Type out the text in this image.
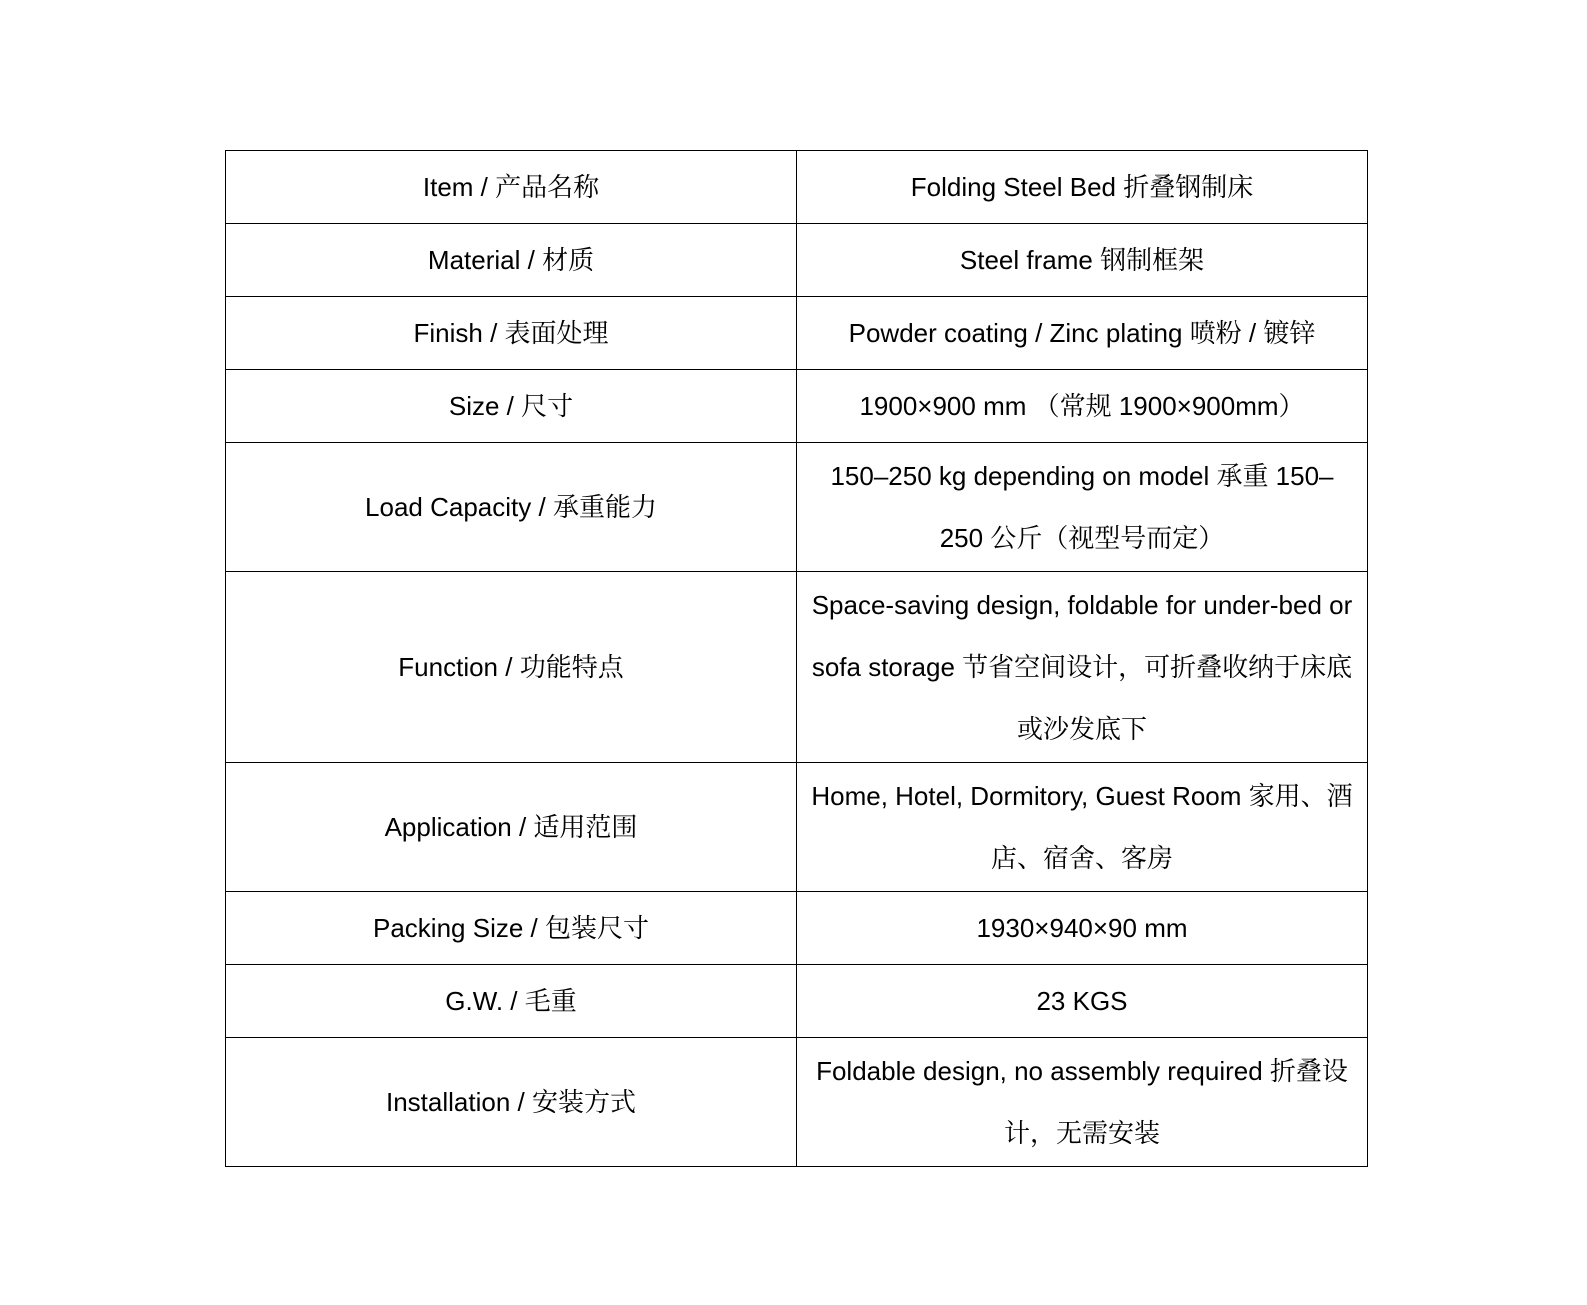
Item / 产品名称	Folding Steel Bed 折叠钢制床
Material / 材质	Steel frame 钢制框架
Finish / 表面处理	Powder coating / Zinc plating 喷粉 / 镀锌
Size / 尺寸	1900×900 mm （常规 1900×900mm）
Load Capacity / 承重能力	150–250 kg depending on model 承重 150–250 公斤（视型号而定）
Function / 功能特点	Space-saving design, foldable for under-bed or sofa storage 节省空间设计，可折叠收纳于床底或沙发底下
Application / 适用范围	Home, Hotel, Dormitory, Guest Room 家用、酒店、宿舍、客房
Packing Size / 包装尺寸	1930×940×90 mm
G.W. / 毛重	23 KGS
Installation / 安装方式	Foldable design, no assembly required 折叠设计，无需安装
